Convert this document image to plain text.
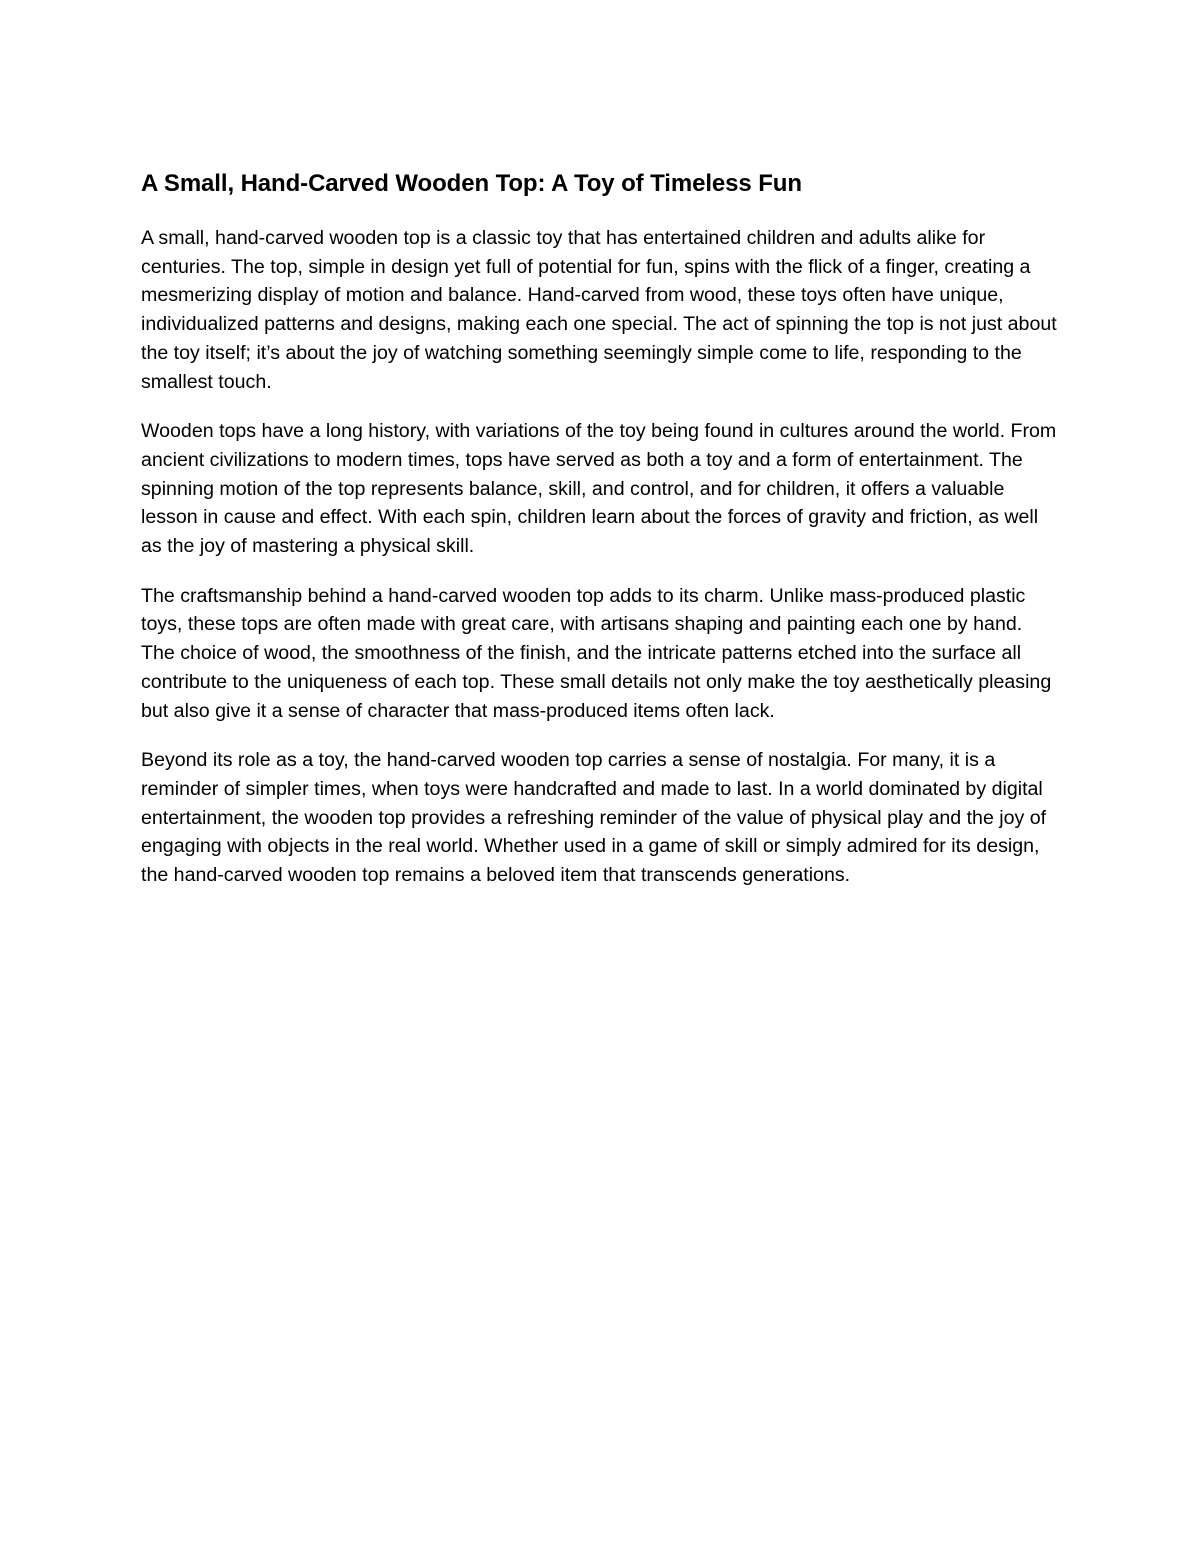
A Small, Hand-Carved Wooden Top: A Toy of Timeless Fun

A small, hand-carved wooden top is a classic toy that has entertained children and adults alike for centuries. The top, simple in design yet full of potential for fun, spins with the flick of a finger, creating a mesmerizing display of motion and balance. Hand-carved from wood, these toys often have unique, individualized patterns and designs, making each one special. The act of spinning the top is not just about the toy itself; it’s about the joy of watching something seemingly simple come to life, responding to the smallest touch.

Wooden tops have a long history, with variations of the toy being found in cultures around the world. From ancient civilizations to modern times, tops have served as both a toy and a form of entertainment. The spinning motion of the top represents balance, skill, and control, and for children, it offers a valuable lesson in cause and effect. With each spin, children learn about the forces of gravity and friction, as well as the joy of mastering a physical skill.

The craftsmanship behind a hand-carved wooden top adds to its charm. Unlike mass-produced plastic toys, these tops are often made with great care, with artisans shaping and painting each one by hand. The choice of wood, the smoothness of the finish, and the intricate patterns etched into the surface all contribute to the uniqueness of each top. These small details not only make the toy aesthetically pleasing but also give it a sense of character that mass-produced items often lack.

Beyond its role as a toy, the hand-carved wooden top carries a sense of nostalgia. For many, it is a reminder of simpler times, when toys were handcrafted and made to last. In a world dominated by digital entertainment, the wooden top provides a refreshing reminder of the value of physical play and the joy of engaging with objects in the real world. Whether used in a game of skill or simply admired for its design, the hand-carved wooden top remains a beloved item that transcends generations.
